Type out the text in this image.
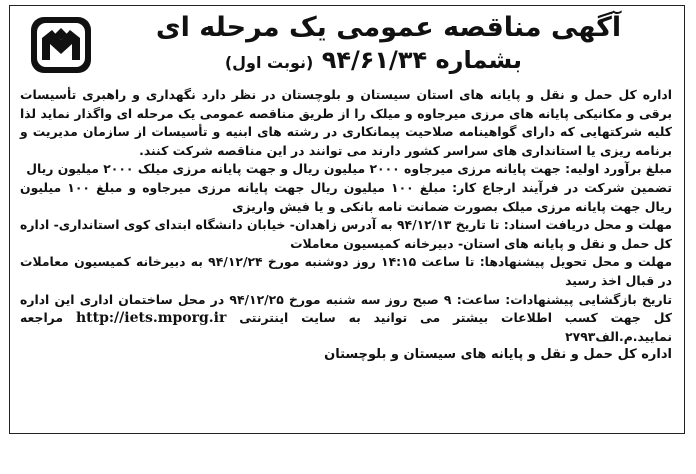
آگهی مناقصه عمومی یک مرحله ای
بشماره ۹۴/۶۱/۳۴ (نوبت اول)

اداره کل حمل و نقل و پایانه های استان سیستان و بلوچستان در نظر دارد نگهداری و راهبری تأسیسات برقی و مکانیکی پایانه های مرزی میرجاوه و میلک را از طریق مناقصه عمومی یک مرحله ای واگذار نماید لذا کلیه شرکتهایی که دارای گواهینامه صلاحیت پیمانکاری در رشته های ابنیه و تأسیسات از سازمان مدیریت و برنامه ریزی یا استانداری های سراسر کشور دارند می توانند در این مناقصه شرکت کنند.

مبلغ برآورد اولیه: جهت پایانه مرزی میرجاوه ۲۰۰۰ میلیون ریال و جهت پایانه مرزی میلک ۲۰۰۰ میلیون ریال

تضمین شرکت در فرآیند ارجاع کار: مبلغ ۱۰۰ میلیون ریال جهت پایانه مرزی میرجاوه و مبلغ ۱۰۰ میلیون ریال جهت پایانه مرزی میلک بصورت ضمانت نامه بانکی و یا فیش واریزی

مهلت و محل دریافت اسناد: تا تاریخ ۹۴/۱۲/۱۳ به آدرس زاهدان- خیابان دانشگاه ابتدای کوی استانداری- اداره کل حمل و نقل و پایانه های استان- دبیرخانه کمیسیون معاملات

مهلت و محل تحویل پیشنهادها: تا ساعت ۱۴:۱۵ روز دوشنبه مورخ ۹۴/۱۲/۲۴ به دبیرخانه کمیسیون معاملات در قبال اخذ رسید

تاریخ بازگشایی پیشنهادات: ساعت: ۹ صبح روز سه شنبه مورخ ۹۴/۱۲/۲۵ در محل ساختمان اداری این اداره کل جهت کسب اطلاعات بیشتر می توانید به سایت اینترنتی http://iets.mporg.ir مراجعه نمایید.م.الف۲۷۹۳

اداره کل حمل و نقل و پایانه های سیستان و بلوچستان
